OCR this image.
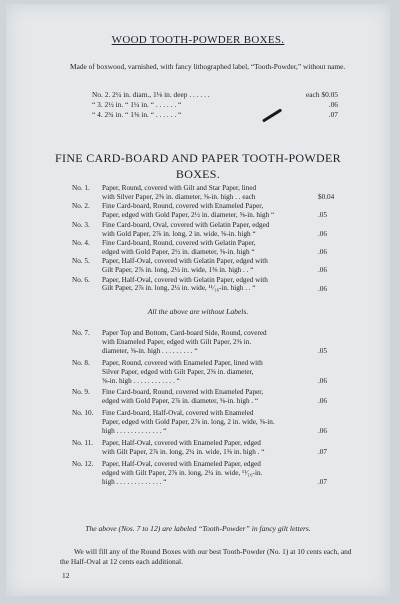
WOOD TOOTH-POWDER BOXES.
Made of boxwood, varnished, with fancy lithographed label, “Tooth-Powder,” without name.
No. 2. 2¼ in. diam., 1⅛ in. deep . . . . . .	each $0.05
“ 3. 2½ in. “ 1¼ in. “ . . . . . . “	.06
“ 4. 2¾ in. “ 1⅜ in. “ . . . . . . “	.07
FINE CARD-BOARD AND PAPER TOOTH-POWDER
BOXES.
No. 1. Paper, Round, covered with Gilt and Star Paper, lined
with Silver Paper, 2⅜ in. diameter, ⅝-in. high . . each	$0.04
No. 2. Fine Card-board, Round, covered with Enameled Paper,
Paper, edged with Gold Paper, 2½ in. diameter, ⅝-in. high “	.05
No. 3. Fine Card-board, Oval, covered with Gelatin Paper, edged
with Gold Paper, 2⅞ in. long, 2 in. wide, ⅝-in. high “	.06
No. 4. Fine Card-board, Round, covered with Gelatin Paper,
edged with Gold Paper, 2½ in. diameter, ⅝-in. high “	.06
No. 5. Paper, Half-Oval, covered with Gelatin Paper, edged with
Gilt Paper, 2⅞ in. long, 2¼ in. wide, 1⅜ in. high . . “	.06
No. 6. Paper, Half-Oval, covered with Gelatin Paper, edged with
Gilt Paper, 2⅞ in. long, 2¼ in. wide, ¹¹⁄₁₆-in. high . . “	.06
All the above are without Labels.
No. 7. Paper Top and Bottom, Card-board Side, Round, covered
with Enameled Paper, edged with Gilt Paper, 2⅜ in.
diameter, ⅝-in. high . . . . . . . . . “	.05
No. 8. Paper, Round, covered with Enameled Paper, lined with
Silver Paper, edged with Gilt Paper, 2⅜ in. diameter,
⅝-in. high . . . . . . . . . . . . “	.06
No. 9. Fine Card-board, Round, covered with Enameled Paper,
edged with Gold Paper, 2⅞ in. diameter, ⅝-in. high . “	.06
No. 10. Fine Card-board, Half-Oval, covered with Enameled
Paper, edged with Gold Paper, 2⅞ in. long, 2 in. wide, ⅝-in.
high . . . . . . . . . . . . . “	.06
No. 11. Paper, Half-Oval, covered with Enameled Paper, edged
with Gilt Paper, 2⅞ in. long, 2¼ in. wide, 1⅜ in. high . “	.07
No. 12. Paper, Half-Oval, covered with Enameled Paper, edged
edged with Gilt Paper, 2⅞ in. long, 2¼ in. wide, ¹¹⁄₁₆-in.
high . . . . . . . . . . . . . “	.07
The above (Nos. 7 to 12) are labeled “Tooth-Powder” in fancy gilt letters.
We will fill any of the Round Boxes with our best Tooth-Powder (No. 1) at 10 cents each, and the Half-Oval at 12 cents each additional.
12
